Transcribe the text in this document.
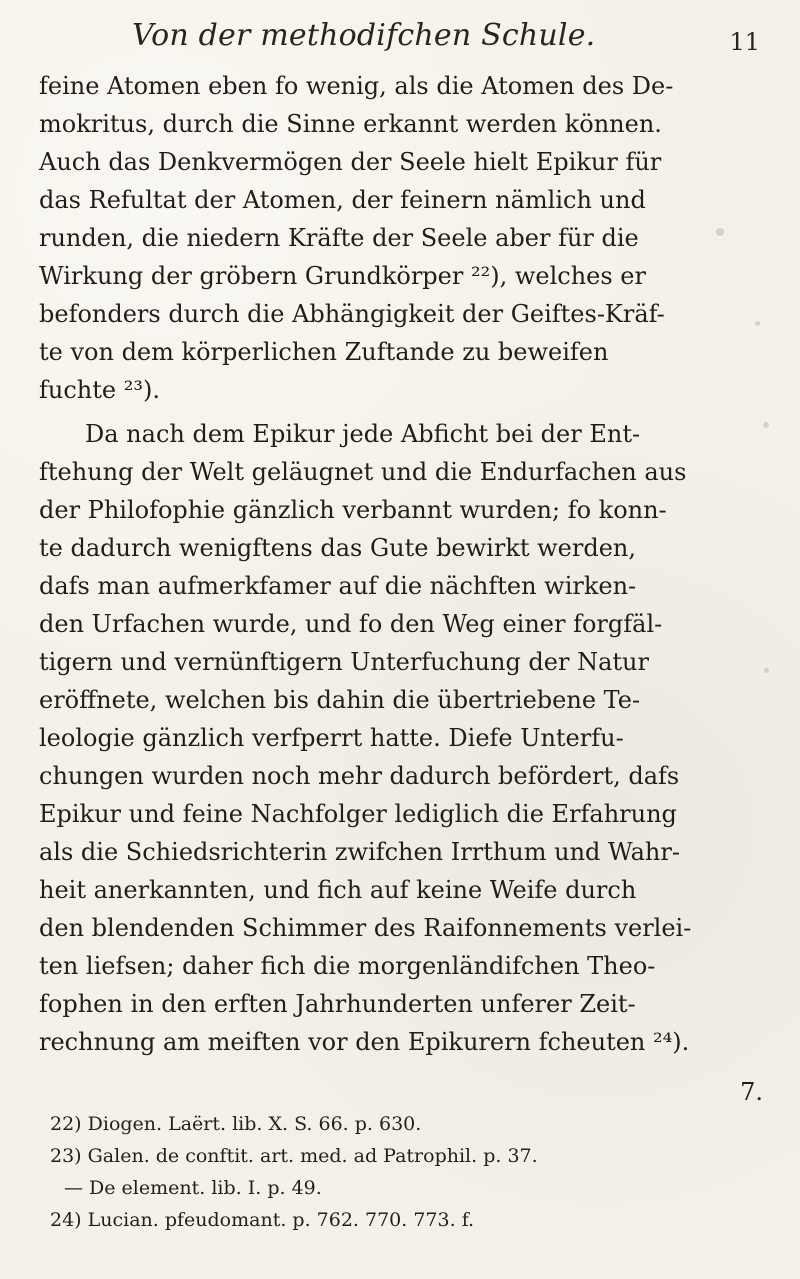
Von der methodifchen Schule.	11
feine Atomen eben fo wenig, als die Atomen des De-
mokritus, durch die Sinne erkannt werden können.
Auch das Denkvermögen der Seele hielt Epikur für
das Refultat der Atomen, der feinern nämlich und
runden, die niedern Kräfte der Seele aber für die
Wirkung der gröbern Grundkörper ²²), welches er
befonders durch die Abhängigkeit der Geiftes-Kräf-
te von dem körperlichen Zuftande zu beweifen
fuchte ²³).
Da nach dem Epikur jede Abficht bei der Ent-
ftehung der Welt geläugnet und die Endurfachen aus
der Philofophie gänzlich verbannt wurden; fo konn-
te dadurch wenigftens das Gute bewirkt werden,
dafs man aufmerkfamer auf die nächften wirken-
den Urfachen wurde, und fo den Weg einer forgfäl-
tigern und vernünftigern Unterfuchung der Natur
eröffnete, welchen bis dahin die übertriebene Te-
leologie gänzlich verfperrt hatte. Diefe Unterfu-
chungen wurden noch mehr dadurch befördert, dafs
Epikur und feine Nachfolger lediglich die Erfahrung
als die Schiedsrichterin zwifchen Irrthum und Wahr-
heit anerkannten, und fich auf keine Weife durch
den blendenden Schimmer des Raifonnements verlei-
ten liefsen; daher fich die morgenländifchen Theo-
fophen in den erften Jahrhunderten unferer Zeit-
rechnung am meiften vor den Epikurern fcheuten ²⁴).
7.
22) Diogen. Laërt. lib. X. S. 66. p. 630.
23) Galen. de conftit. art. med. ad Patrophil. p. 37.
— De element. lib. I. p. 49.
24) Lucian. pfeudomant. p. 762. 770. 773. f.
